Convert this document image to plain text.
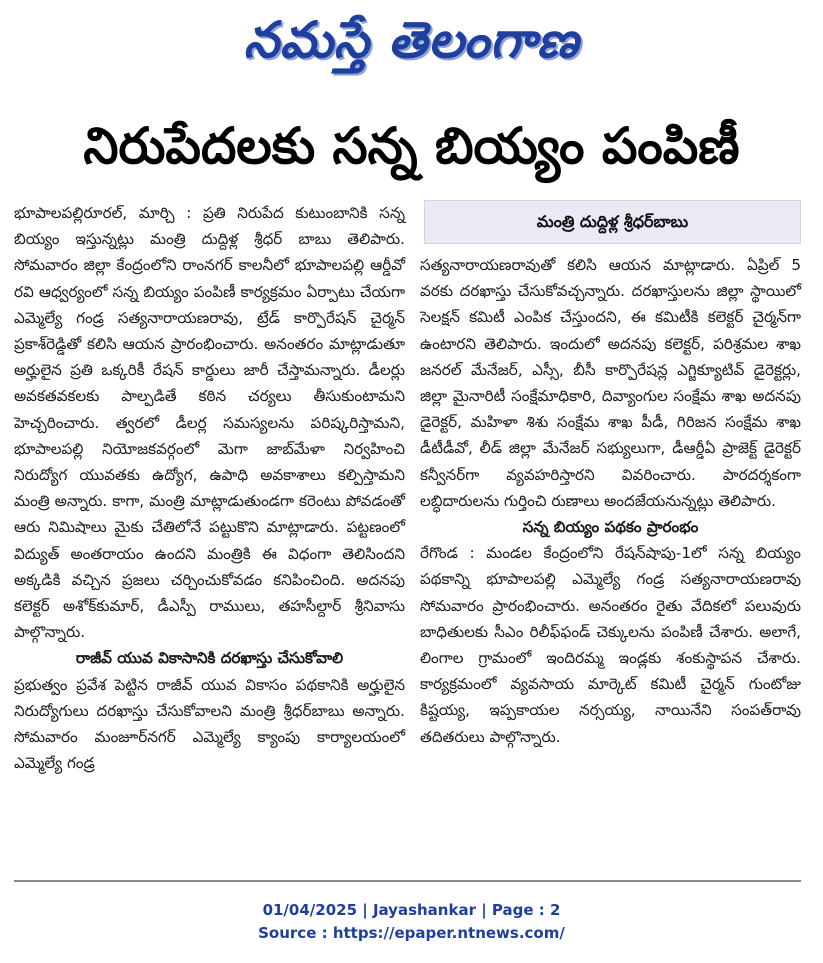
నమస్తే తెలంగాణ
నిరుపేదలకు సన్న బియ్యం పంపిణీ

భూపాలపల్లిరూరల్, మార్చి : ప్రతి నిరుపేద కుటుంబానికి సన్న బియ్యం ఇస్తున్నట్లు మంత్రి దుద్దిళ్ల శ్రీధర్ బాబు తెలిపారు. సోమవారం జిల్లా కేంద్రంలోని రాంనగర్ కాలనీలో భూపాలపల్లి ఆర్డీవో రవి ఆధ్వర్యంలో సన్న బియ్యం పంపిణీ కార్యక్రమం ఏర్పాటు చేయగా ఎమ్మెల్యే గండ్ర సత్యనారాయణరావు, ట్రేడ్ కార్పొరేషన్ చైర్మన్ ప్రకాశ్‌రెడ్డితో కలిసి ఆయన ప్రారంభించారు. అనంతరం మాట్లాడుతూ అర్హులైన ప్రతి ఒక్కరికీ రేషన్ కార్డులు జారీ చేస్తామన్నారు. డీలర్లు అవకతవకలకు పాల్పడితే కఠిన చర్యలు తీసుకుంటామని హెచ్చరించారు. త్వరలో డీలర్ల సమస్యలను పరిష్కరిస్తామని, భూపాలపల్లి నియోజకవర్గంలో మెగా జాబ్‌మేళా నిర్వహించి నిరుద్యోగ యువతకు ఉద్యోగ, ఉపాధి అవకాశాలు కల్పిస్తామని మంత్రి అన్నారు. కాగా, మంత్రి మాట్లాడుతుండగా కరెంటు పోవడంతో ఆరు నిమిషాలు మైకు చేతిలోనే పట్టుకొని మాట్లాడారు. పట్టణంలో విద్యుత్ అంతరాయం ఉందని మంత్రికి ఈ విధంగా తెలిసిందని అక్కడికి వచ్చిన ప్రజలు చర్చించుకోవడం కనిపించింది. అదనపు కలెక్టర్ అశోక్‌కుమార్, డీఎస్పీ రాములు, తహసీల్దార్ శ్రీనివాసు పాల్గొన్నారు.

రాజీవ్ యువ వికాసానికి దరఖాస్తు చేసుకోవాలి

ప్రభుత్వం ప్రవేశ పెట్టిన రాజీవ్ యువ వికాసం పథకానికి అర్హులైన నిరుద్యోగులు దరఖాస్తు చేసుకోవాలని మంత్రి శ్రీధర్‌బాబు అన్నారు. సోమవారం మంజూర్‌నగర్ ఎమ్మెల్యే క్యాంపు కార్యాలయంలో ఎమ్మెల్యే గండ్ర

మంత్రి దుద్దిళ్ల శ్రీధర్‌బాబు

సత్యనారాయణరావుతో కలిసి ఆయన మాట్లాడారు. ఏప్రిల్ 5 వరకు దరఖాస్తు చేసుకోవచ్చన్నారు. దరఖాస్తులను జిల్లా స్థాయిలో సెలక్షన్ కమిటీ ఎంపిక చేస్తుందని, ఈ కమిటీకి కలెక్టర్ చైర్మన్‌గా ఉంటారని తెలిపారు. ఇందులో అదనపు కలెక్టర్, పరిశ్రమల శాఖ జనరల్ మేనేజర్, ఎస్సీ, బీసీ కార్పొరేషన్ల ఎగ్జిక్యూటివ్ డైరెక్టర్లు, జిల్లా మైనారిటీ సంక్షేమాధికారి, దివ్యాంగుల సంక్షేమ శాఖ అదనపు డైరెక్టర్, మహిళా శిశు సంక్షేమ శాఖ పీడీ, గిరిజన సంక్షేమ శాఖ డీటీడీవో, లీడ్ జిల్లా మేనేజర్ సభ్యులుగా, డీఆర్డీఏ ప్రాజెక్ట్ డైరెక్టర్ కన్వీనర్‌గా వ్యవహరిస్తారని వివరించారు. పారదర్శకంగా లబ్ధిదారులను గుర్తించి రుణాలు అందజేయనున్నట్లు తెలిపారు.

సన్న బియ్యం పథకం ప్రారంభం

రేగొండ : మండల కేంద్రంలోని రేషన్‌షాపు-1లో సన్న బియ్యం పథకాన్ని భూపాలపల్లి ఎమ్మెల్యే గండ్ర సత్యనారాయణరావు సోమవారం ప్రారంభించారు. అనంతరం రైతు వేదికలో పలువురు బాధితులకు సీఎం రిలీఫ్‌ఫండ్ చెక్కులను పంపిణీ చేశారు. అలాగే, లింగాల గ్రామంలో ఇందిరమ్మ ఇండ్లకు శంకుస్థాపన చేశారు. కార్యక్రమంలో వ్యవసాయ మార్కెట్ కమిటీ చైర్మన్ గుంటోజు కిష్టయ్య, ఇప్పకాయల నర్సయ్య, నాయినేని సంపత్‌రావు తదితరులు పాల్గొన్నారు.

01/04/2025 | Jayashankar | Page : 2
Source : https://epaper.ntnews.com/
